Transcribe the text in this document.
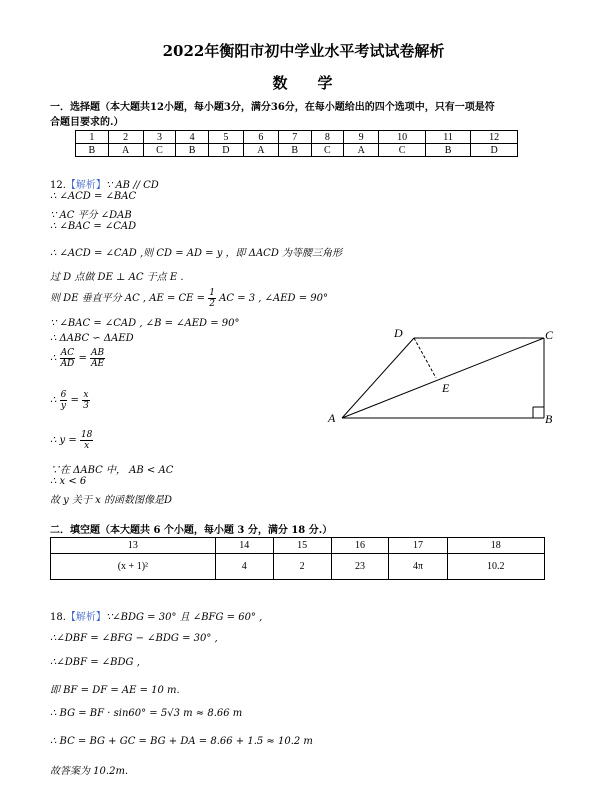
2022年衡阳市初中学业水平考试试卷解析
数 学
一．选择题（本大题共12小题，每小题3分，满分36分，在每小题给出的四个选项中，只有一项是符
合题目要求的.）
1	2	3	4	5	6	7	8	9	10	11	12
B	A	C	B	D	A	B	C	A	C	B	D
12.【解析】∵ AB // CD
∴ ∠ACD = ∠BAC
∵ AC 平分 ∠DAB
∴ ∠BAC = ∠CAD
∴ ∠ACD = ∠CAD ,则 CD = AD = y ，即 ΔACD 为等腰三角形
过 D 点做 DE ⊥ AC 于点 E .
则 DE 垂直平分 AC , AE = CE = $\frac{1}{2}$ AC = 3 , ∠AED = 90°
∵ ∠BAC = ∠CAD , ∠B = ∠AED = 90°
∴ ΔABC ∽ ΔAED
∴ $\frac{AC}{AD} = \frac{AB}{AE}$
∴ $\frac{6}{y} = \frac{x}{3}$
∴ $y = \frac{18}{x}$
∵在 ΔABC 中， AB < AC
∴ x < 6
故 y 关于 x 的函数图像是D
A	B
C
D
E
二．填空题（本大题共 6 个小题，每小题 3 分，满分 18 分.）
13	14	15	16	17	18
(x + 1)²	4	2	23	4π	10.2
18.【解析】∵∠BDG = 30° 且 ∠BFG = 60° ,
∴∠DBF = ∠BFG − ∠BDG = 30° ,
∴∠DBF = ∠BDG ,
即 BF = DF = AE = 10 m.
∴ BG = BF · sin60° = 5√3 m ≈ 8.66 m
∴ BC = BG + GC = BG + DA = 8.66 + 1.5 ≈ 10.2 m
故答案为 10.2m.
